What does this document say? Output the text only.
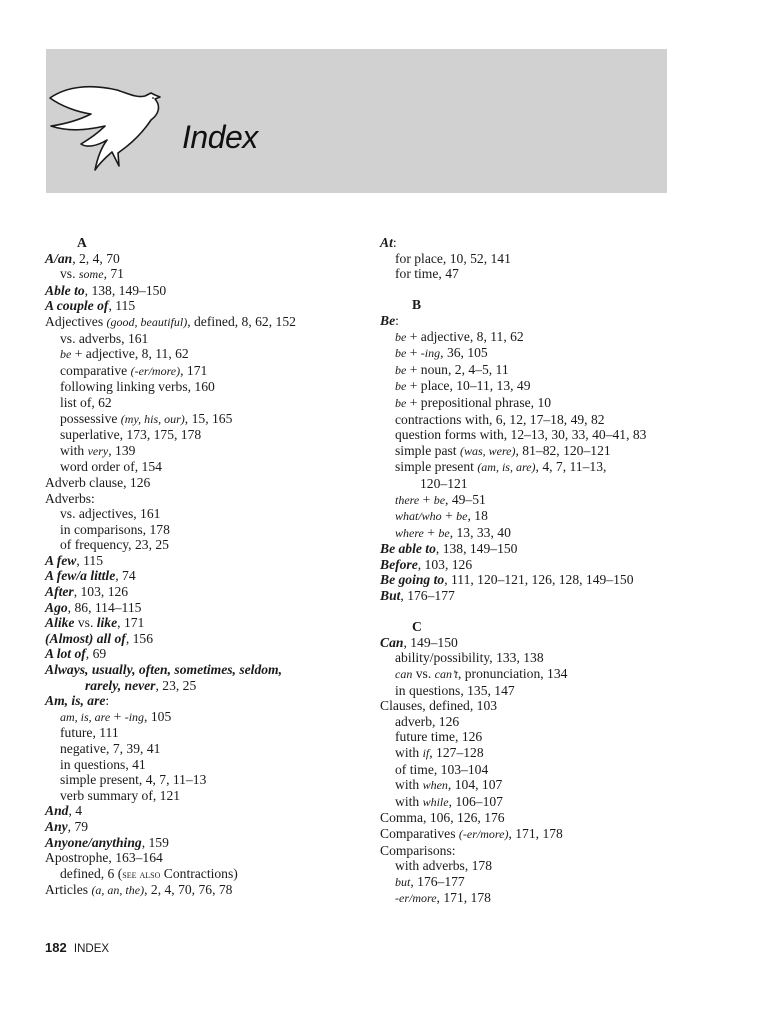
Index
A
A/an, 2, 4, 70
vs. some, 71
Able to, 138, 149–150
A couple of, 115
Adjectives (good, beautiful), defined, 8, 62, 152
vs. adverbs, 161
be + adjective, 8, 11, 62
comparative (-er/more), 171
following linking verbs, 160
list of, 62
possessive (my, his, our), 15, 165
superlative, 173, 175, 178
with very, 139
word order of, 154
Adverb clause, 126
Adverbs:
vs. adjectives, 161
in comparisons, 178
of frequency, 23, 25
A few, 115
A few/a little, 74
After, 103, 126
Ago, 86, 114–115
Alike vs. like, 171
(Almost) all of, 156
A lot of, 69
Always, usually, often, sometimes, seldom,
rarely, never, 23, 25
Am, is, are:
am, is, are + -ing, 105
future, 111
negative, 7, 39, 41
in questions, 41
simple present, 4, 7, 11–13
verb summary of, 121
And, 4
Any, 79
Anyone/anything, 159
Apostrophe, 163–164
defined, 6 (see also Contractions)
Articles (a, an, the), 2, 4, 70, 76, 78
At:
for place, 10, 52, 141
for time, 47
B
Be:
be + adjective, 8, 11, 62
be + -ing, 36, 105
be + noun, 2, 4–5, 11
be + place, 10–11, 13, 49
be + prepositional phrase, 10
contractions with, 6, 12, 17–18, 49, 82
question forms with, 12–13, 30, 33, 40–41, 83
simple past (was, were), 81–82, 120–121
simple present (am, is, are), 4, 7, 11–13,
120–121
there + be, 49–51
what/who + be, 18
where + be, 13, 33, 40
Be able to, 138, 149–150
Before, 103, 126
Be going to, 111, 120–121, 126, 128, 149–150
But, 176–177
C
Can, 149–150
ability/possibility, 133, 138
can vs. can’t, pronunciation, 134
in questions, 135, 147
Clauses, defined, 103
adverb, 126
future time, 126
with if, 127–128
of time, 103–104
with when, 104, 107
with while, 106–107
Comma, 106, 126, 176
Comparatives (-er/more), 171, 178
Comparisons:
with adverbs, 178
but, 176–177
-er/more, 171, 178
182 INDEX
